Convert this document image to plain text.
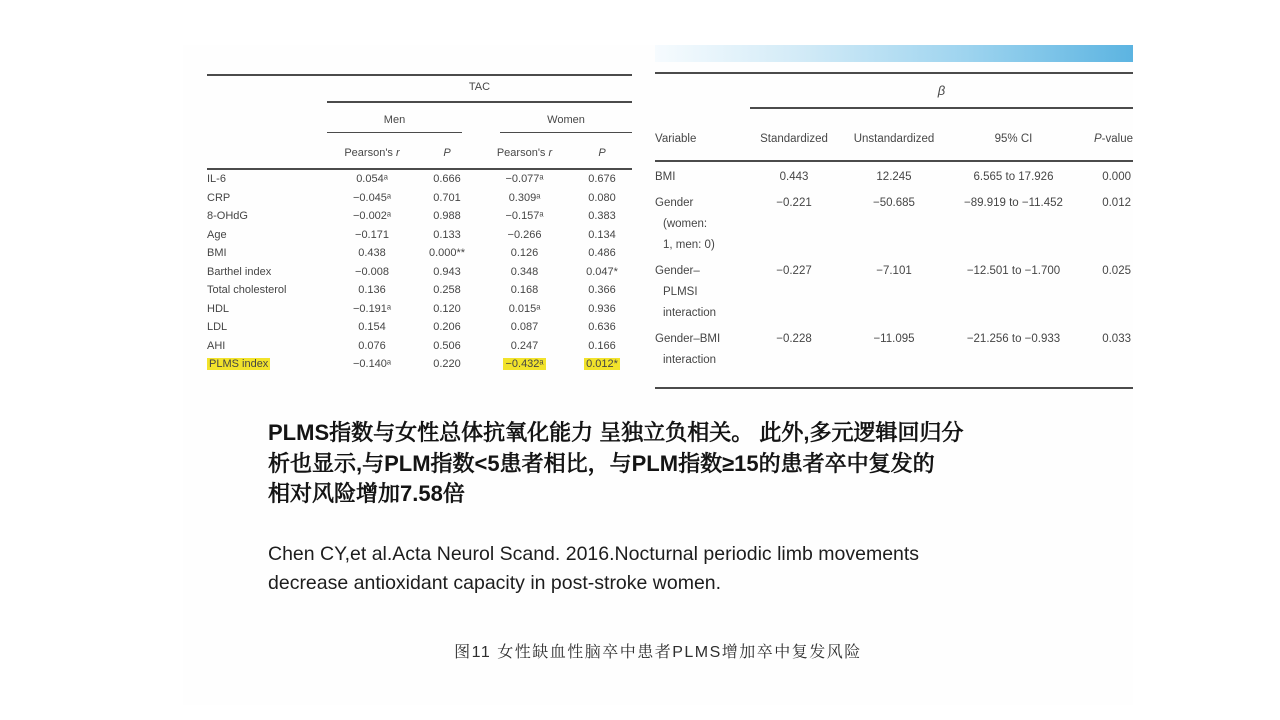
	TAC			

	Men		Women	

	Pearson's r	P	Pearson's r	P
IL-6	0.054ᵃ	0.666	−0.077ᵃ	0.676
CRP	−0.045ᵃ	0.701	0.309ᵃ	0.080
8-OHdG	−0.002ᵃ	0.988	−0.157ᵃ	0.383
Age	−0.171	0.133	−0.266	0.134
BMI	0.438	0.000**	0.126	0.486
Barthel index	−0.008	0.943	0.348	0.047*
Total cholesterol	0.136	0.258	0.168	0.366
HDL	−0.191ᵃ	0.120	0.015ᵃ	0.936
LDL	0.154	0.206	0.087	0.636
AHI	0.076	0.506	0.247	0.166
PLMS index	−0.140ᵃ	0.220	−0.432ᵃ	0.012*

	β			

Variable	Standardized	Unstandardized	95% CI	P-value

BMI	0.443	12.245	6.565 to 17.926	0.000

Gender
(women:
1, men: 0)	−0.221	−50.685	−89.919 to −11.452	0.012

Gender–
PLMSI
interaction	−0.227	−7.101	−12.501 to −1.700	0.025

Gender–BMI
interaction	−0.228	−11.095	−21.256 to −0.933	0.033
PLMS指数与女性总体抗氧化能力 呈独立负相关。 此外,多元逻辑回归分
析也显示,与PLM指数<5患者相比，与PLM指数≥15的患者卒中复发的
相对风险增加7.58倍
Chen CY,et al.Acta Neurol Scand. 2016.Nocturnal periodic limb movements
decrease antioxidant capacity in post-stroke women.
图11 女性缺血性脑卒中患者PLMS增加卒中复发风险
